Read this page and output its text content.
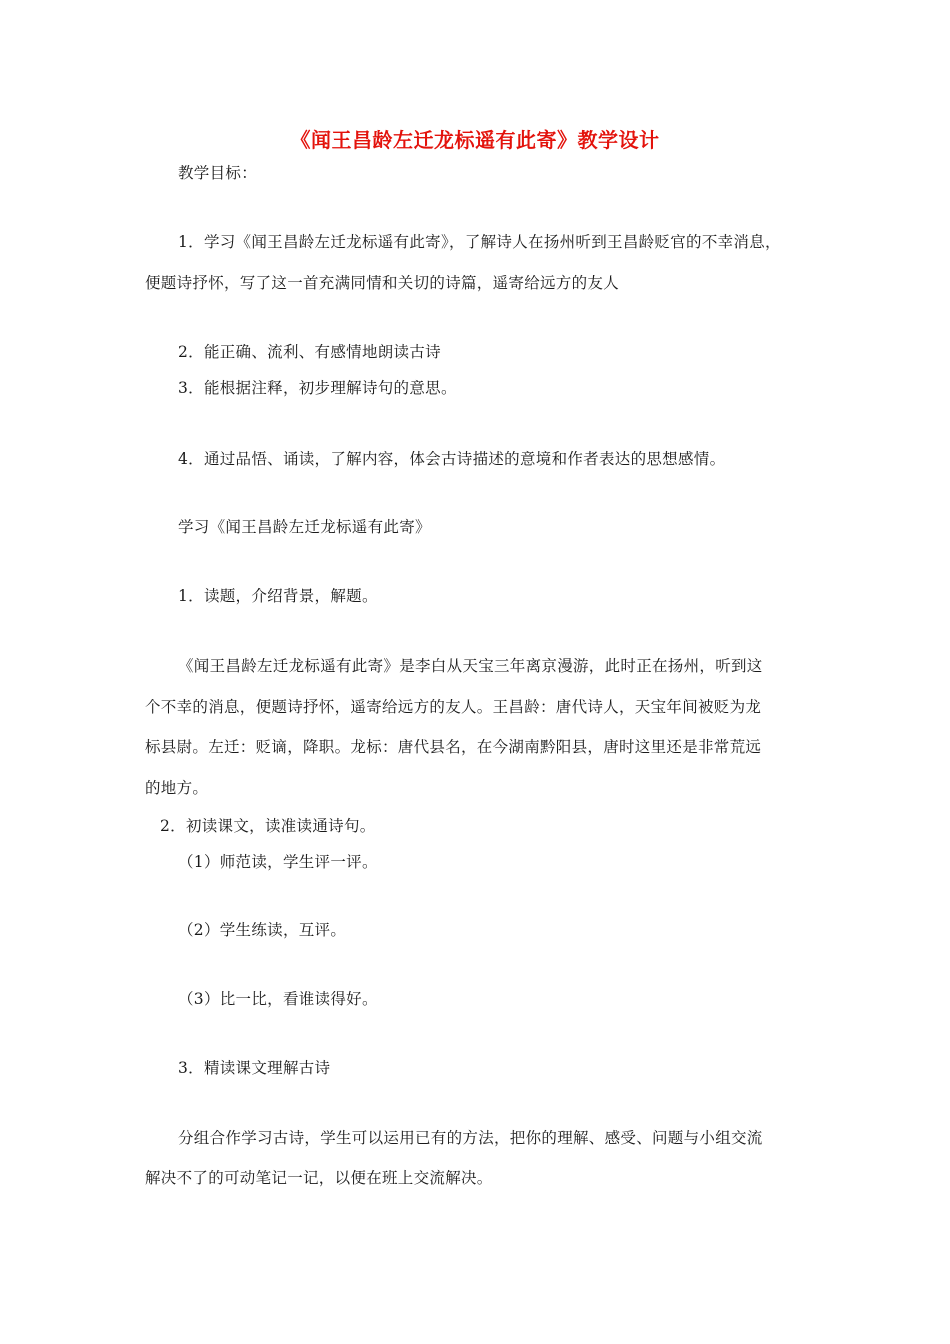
《闻王昌龄左迁龙标遥有此寄》教学设计
教学目标：
1．学习《闻王昌龄左迁龙标遥有此寄》，了解诗人在扬州听到王昌龄贬官的不幸消息，
便题诗抒怀，写了这一首充满同情和关切的诗篇，遥寄给远方的友人
2．能正确、流利、有感情地朗读古诗
3．能根据注释，初步理解诗句的意思。
4．通过品悟、诵读，了解内容，体会古诗描述的意境和作者表达的思想感情。
学习《闻王昌龄左迁龙标遥有此寄》
1．读题，介绍背景，解题。
《闻王昌龄左迁龙标遥有此寄》是李白从天宝三年离京漫游，此时正在扬州，听到这
个不幸的消息，便题诗抒怀，遥寄给远方的友人。王昌龄：唐代诗人，天宝年间被贬为龙
标县尉。左迁：贬谪，降职。龙标：唐代县名，在今湖南黔阳县，唐时这里还是非常荒远
的地方。
2．初读课文，读准读通诗句。
（1）师范读，学生评一评。
（2）学生练读，互评。
（3）比一比，看谁读得好。
3．精读课文理解古诗
分组合作学习古诗，学生可以运用已有的方法，把你的理解、感受、问题与小组交流
解决不了的可动笔记一记，以便在班上交流解决。
